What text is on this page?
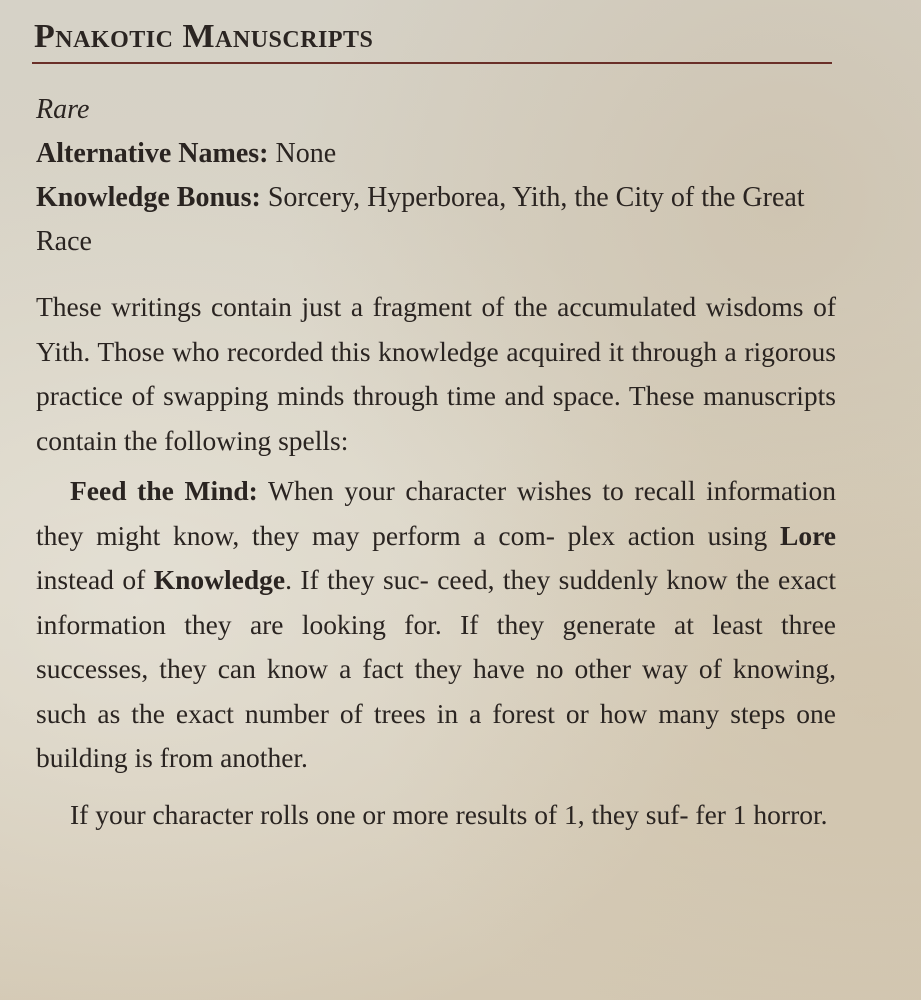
Pnakotic Manuscripts
Rare
Alternative Names: None
Knowledge Bonus: Sorcery, Hyperborea, Yith, the City of the Great Race

These writings contain just a fragment of the accumulated wisdoms of Yith. Those who recorded this knowledge acquired it through a rigorous practice of swapping minds through time and space. These manuscripts contain the following spells:

Feed the Mind: When your character wishes to recall information they might know, they may perform a com- plex action using Lore instead of Knowledge. If they suc- ceed, they suddenly know the exact information they are looking for. If they generate at least three successes, they can know a fact they have no other way of knowing, such as the exact number of trees in a forest or how many steps one building is from another.

If your character rolls one or more results of 1, they suf- fer 1 horror.
